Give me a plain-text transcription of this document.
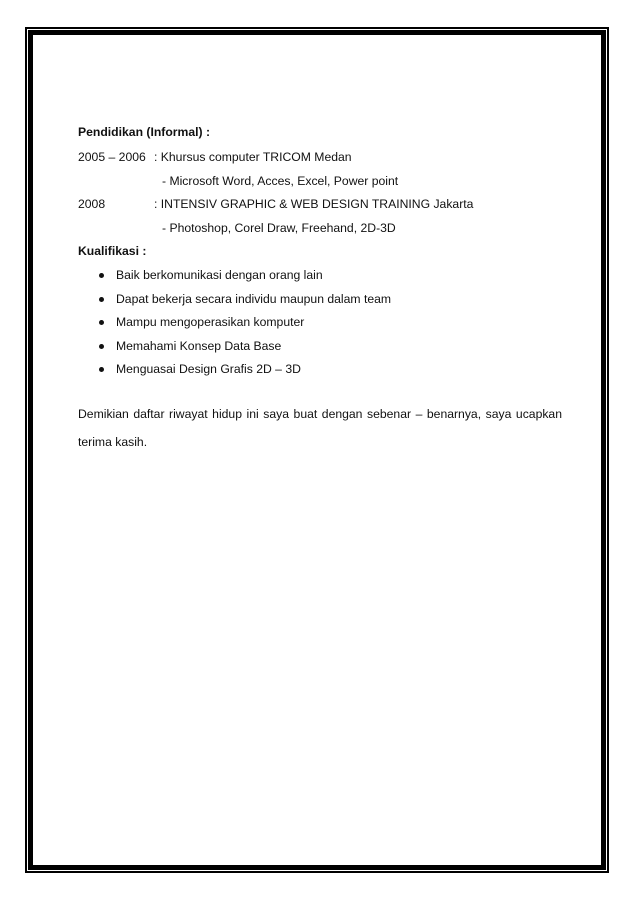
Pendidikan (Informal) :
2005 – 2006 : Khursus computer TRICOM Medan
- Microsoft Word, Acces, Excel, Power point
2008	: INTENSIV GRAPHIC & WEB DESIGN TRAINING Jakarta
- Photoshop, Corel Draw, Freehand, 2D-3D
Kualifikasi :
Baik berkomunikasi dengan orang lain
Dapat bekerja secara individu maupun dalam team
Mampu mengoperasikan komputer
Memahami Konsep Data Base
Menguasai Design Grafis 2D – 3D
Demikian daftar riwayat hidup ini saya buat dengan sebenar – benarnya, saya ucapkan
terima kasih.
